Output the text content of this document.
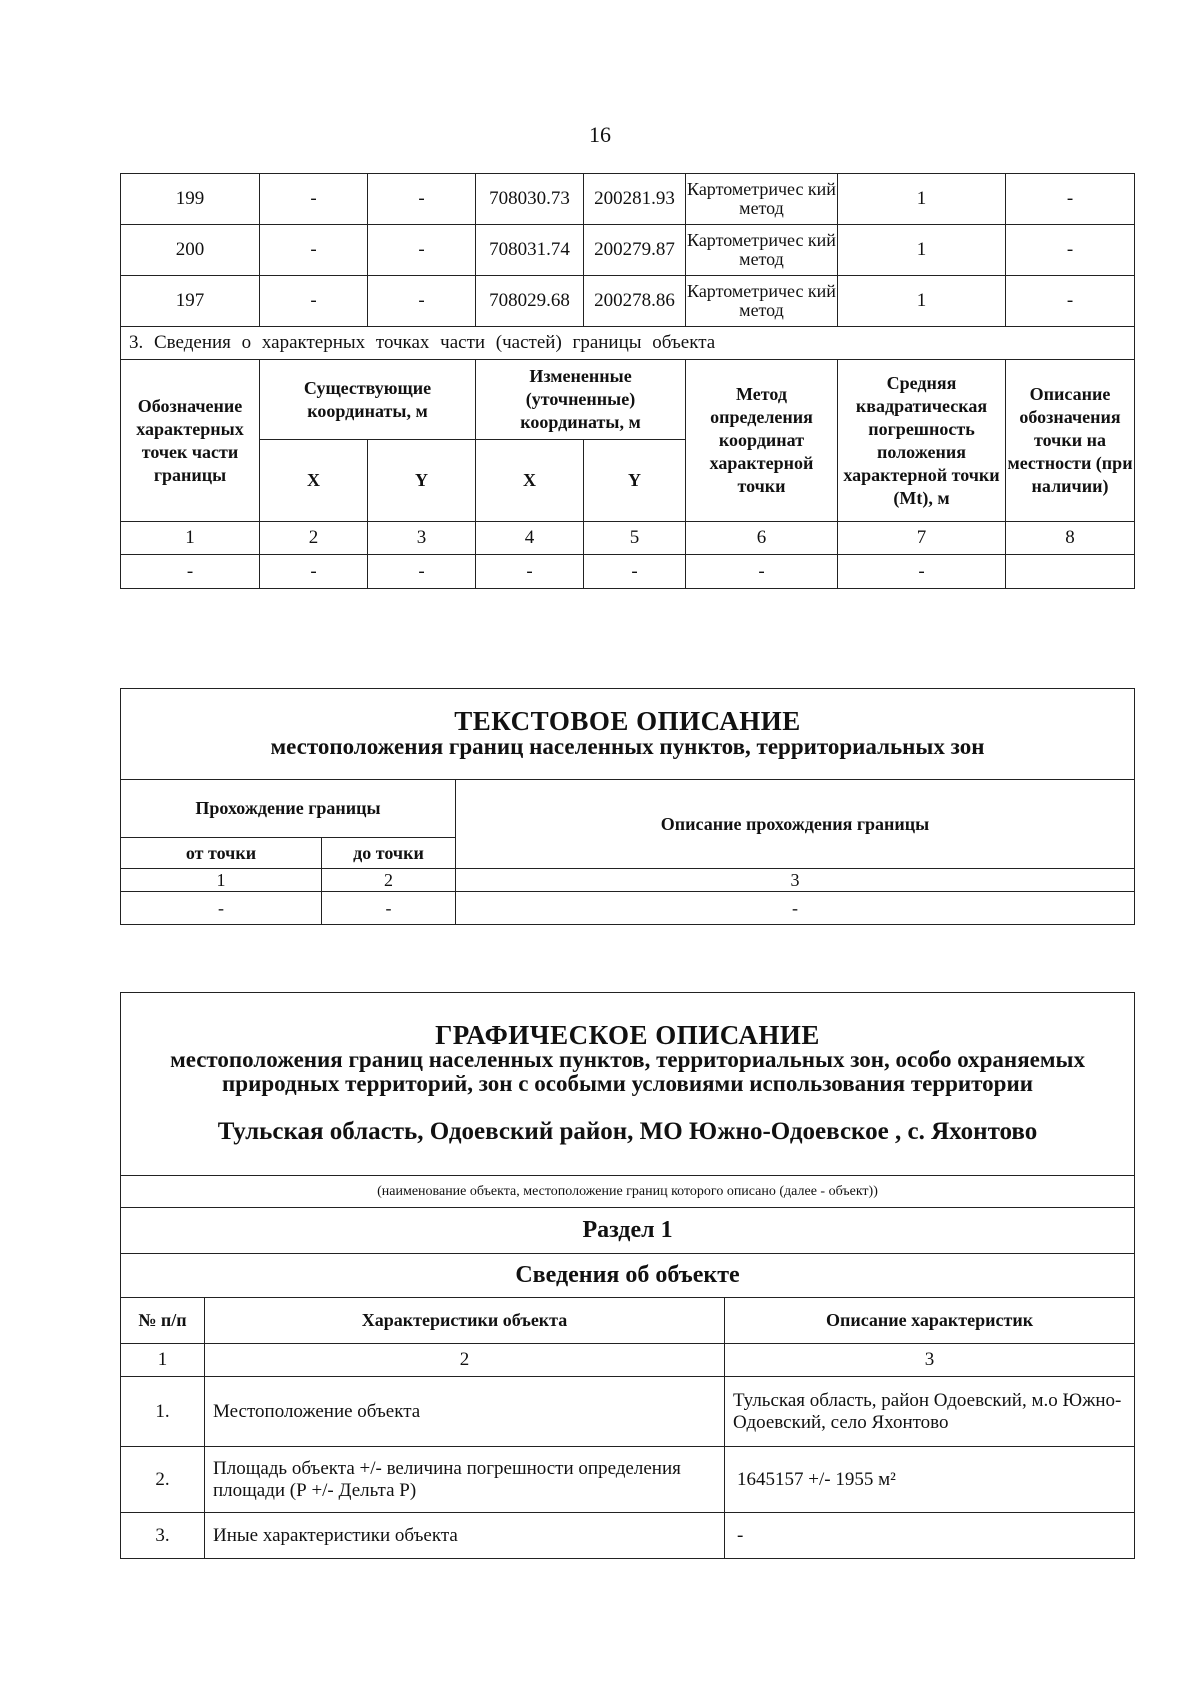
16
199	-	-	708030.73	200281.93	Картометричес кий метод	1	-
200	-	-	708031.74	200279.87	Картометричес кий метод	1	-
197	-	-	708029.68	200278.86	Картометричес кий метод	1	-
3. Сведения о характерных точках части (частей) границы объекта							
Обозначение характерных точек части границы	Существующие координаты, м		Измененные (уточненные) координаты, м		Метод определения координат характерной точки	Средняя квадратическая погрешность положения характерной точки (Mt), м	Описание обозначения точки на местности (при наличии)
	X	Y	X	Y			
1	2	3	4	5	6	7	8
-	-	-	-	-	-	-	
ТЕКСТОВОЕ ОПИСАНИЕ
местоположения границ населенных пунктов, территориальных зон		

Прохождение границы		Описание прохождения границы
от точки	до точки	
1	2	3
-	-	-
ГРАФИЧЕСКОЕ ОПИСАНИЕ
местоположения границ населенных пунктов, территориальных зон, особо охраняемых природных территорий, зон с особыми условиями использования территории
Тульская область, Одоевский район, МО Южно-Одоевское , с. Яхонтово		

(наименование объекта, местоположение границ которого описано (далее - объект))		
Раздел 1		
Сведения об объекте		
№ п/п	Характеристики объекта	Описание характеристик
1	2	3
1.	Местоположение объекта	Тульская область, район Одоевский, м.о Южно-Одоевский, село Яхонтово
2.	Площадь объекта +/- величина погрешности определения площади (Р +/- Дельта Р)	1645157 +/- 1955 м²
3.	Иные характеристики объекта	-
